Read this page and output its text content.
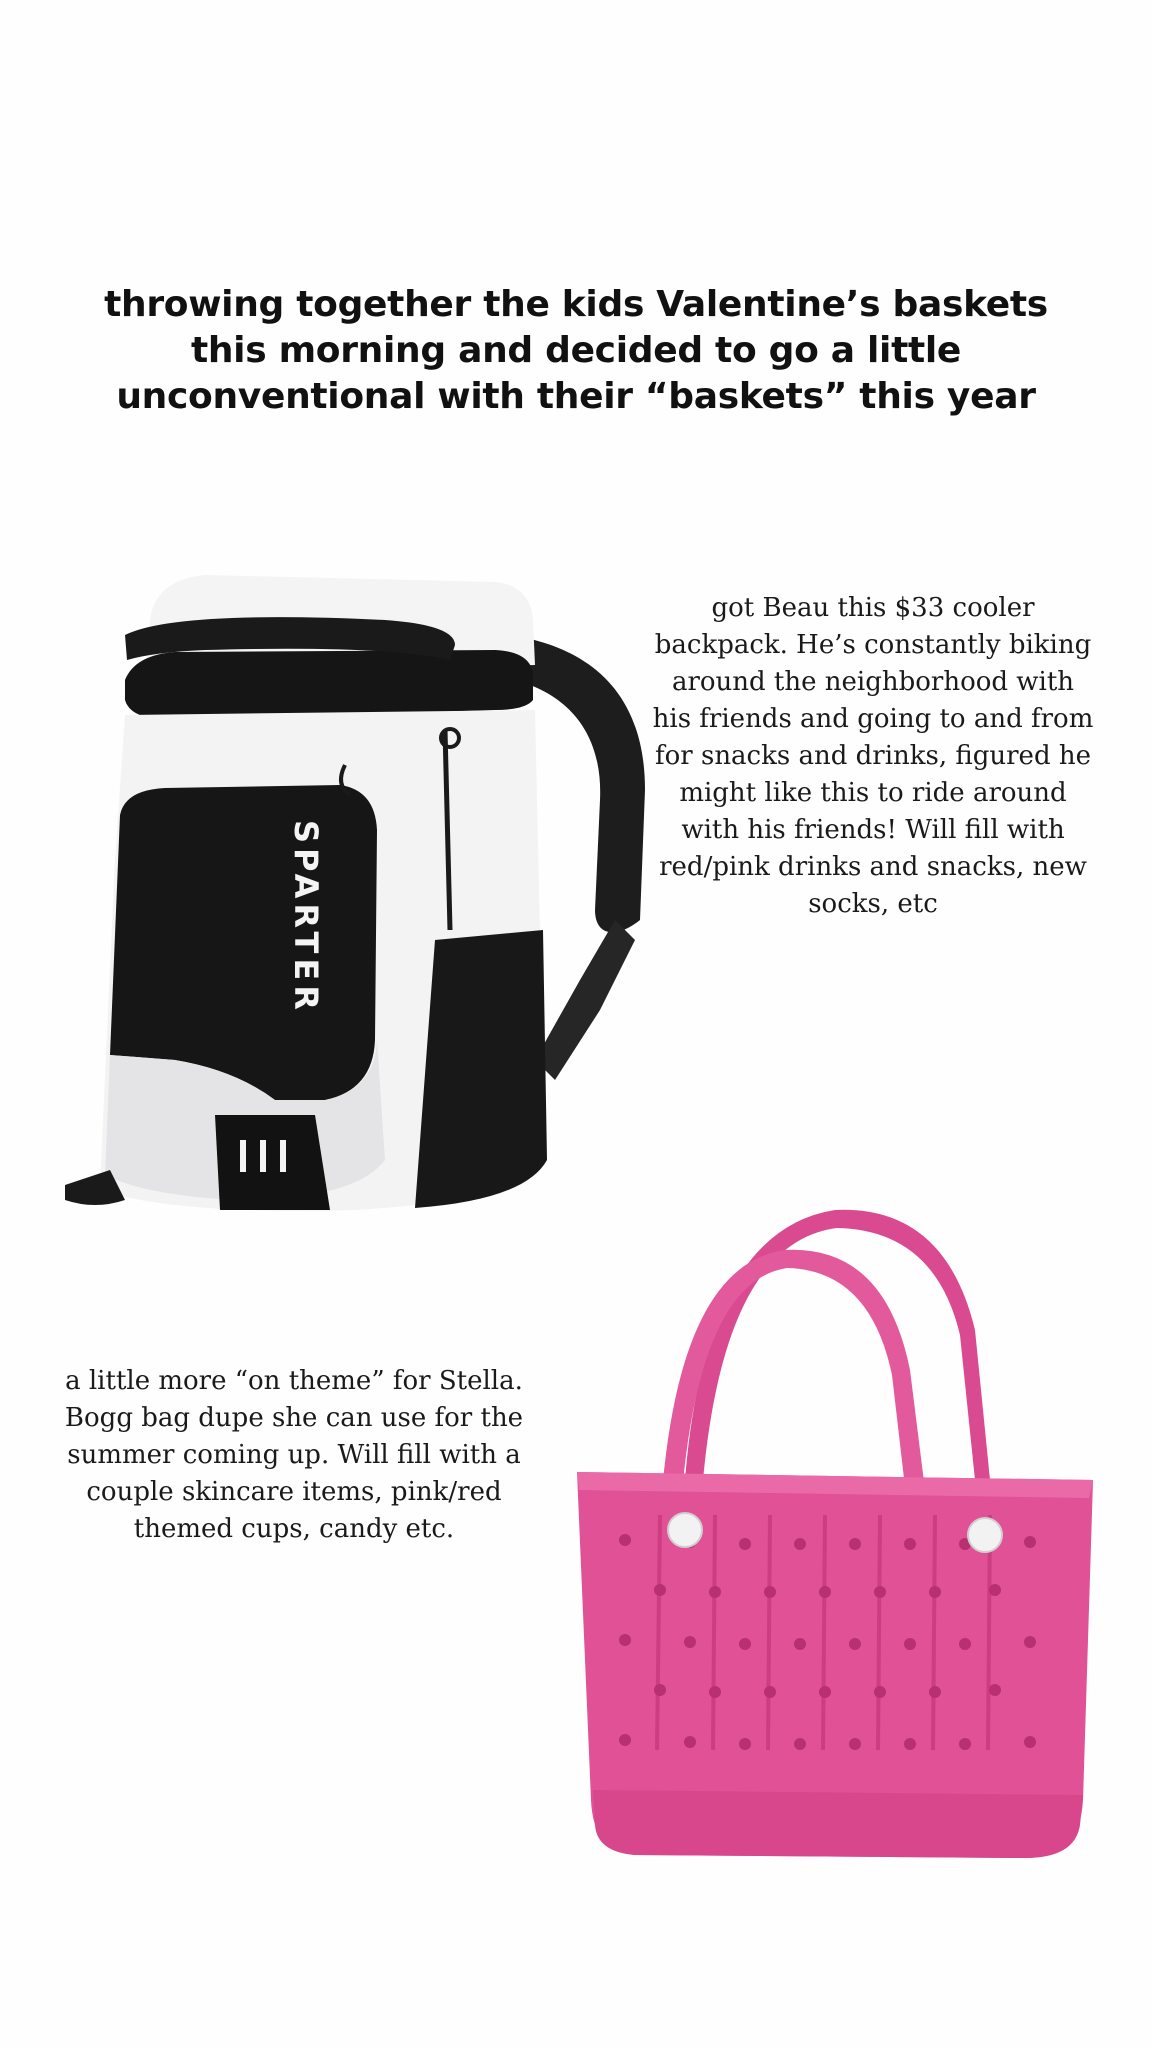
throwing together the kids Valentine’s baskets this morning and decided to go a little unconventional with their “baskets” this year
SPARTER
got Beau this $33 cooler backpack. He’s constantly biking around the neighborhood with his friends and going to and from for snacks and drinks, figured he might like this to ride around with his friends! Will fill with red/pink drinks and snacks, new socks, etc
a little more “on theme” for Stella. Bogg bag dupe she can use for the summer coming up. Will fill with a couple skincare items, pink/red themed cups, candy etc.
